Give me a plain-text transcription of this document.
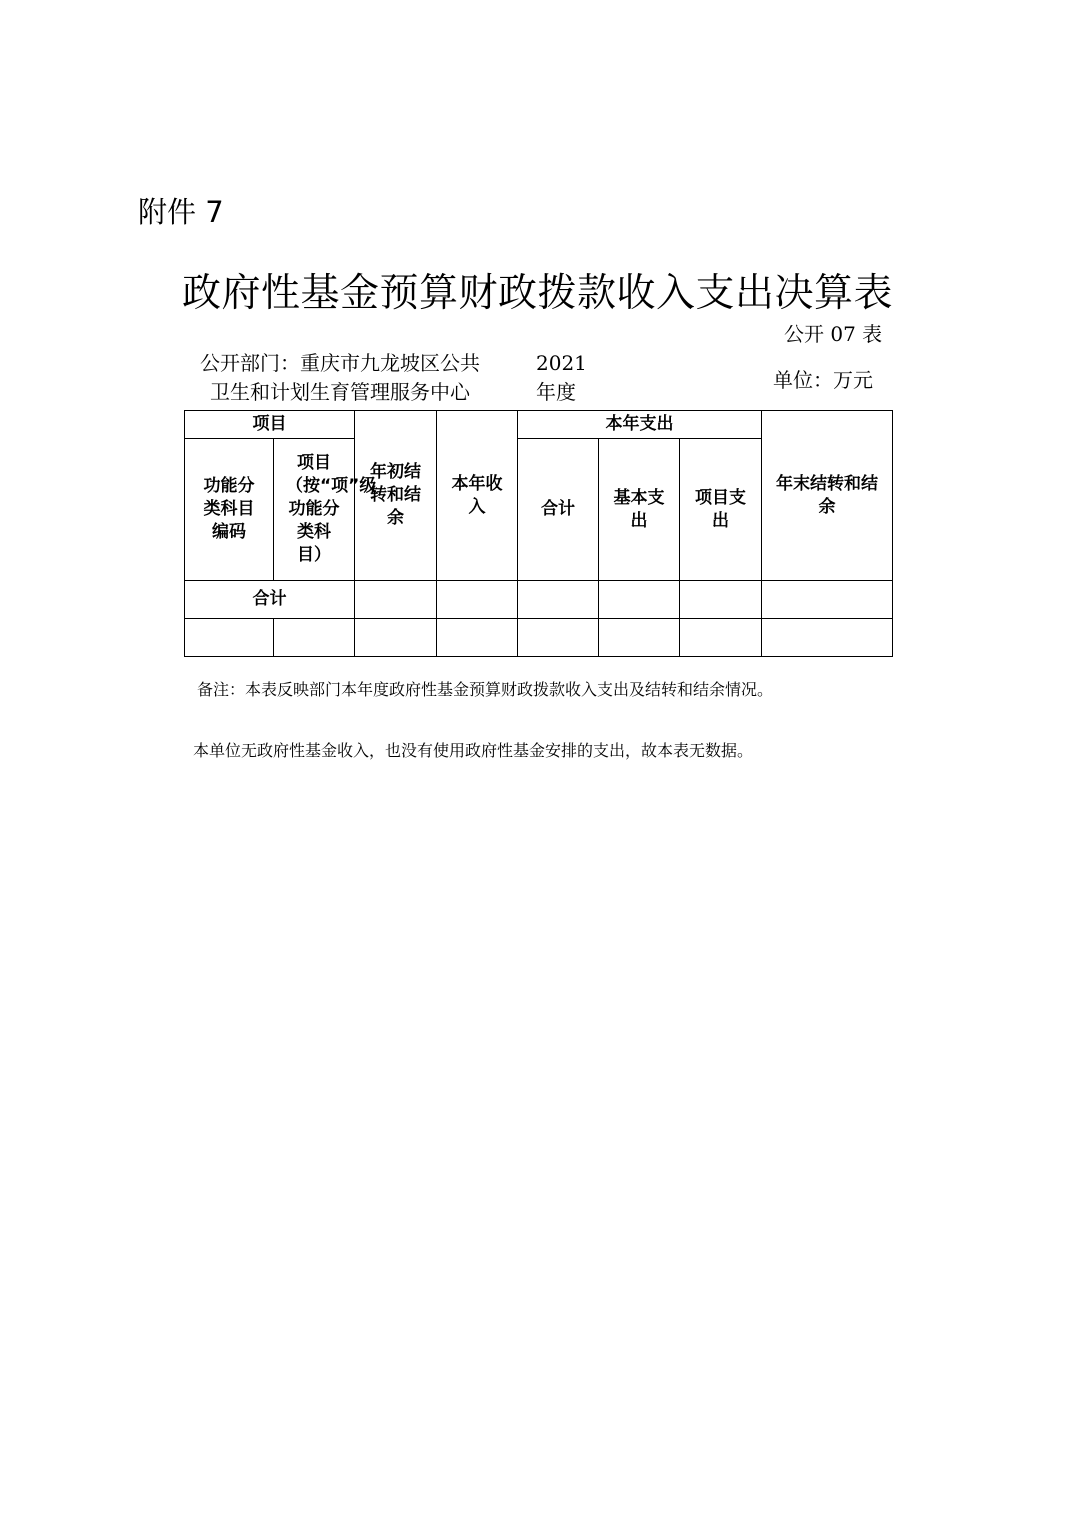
附件 7
政府性基金预算财政拨款收入支出决算表
公开 07 表
公开部门：重庆市九龙坡区公共
卫生和计划生育管理服务中心
2021
年度	单位：万元
项目		年初结转和结余	本年收入	本年支出			年末结转和结余
功能分类科目编码	项目（按“项”级功能分类科目）			合计	基本支出	项目支出	
合计							

备注：本表反映部门本年度政府性基金预算财政拨款收入支出及结转和结余情况。
本单位无政府性基金收入，也没有使用政府性基金安排的支出，故本表无数据。
